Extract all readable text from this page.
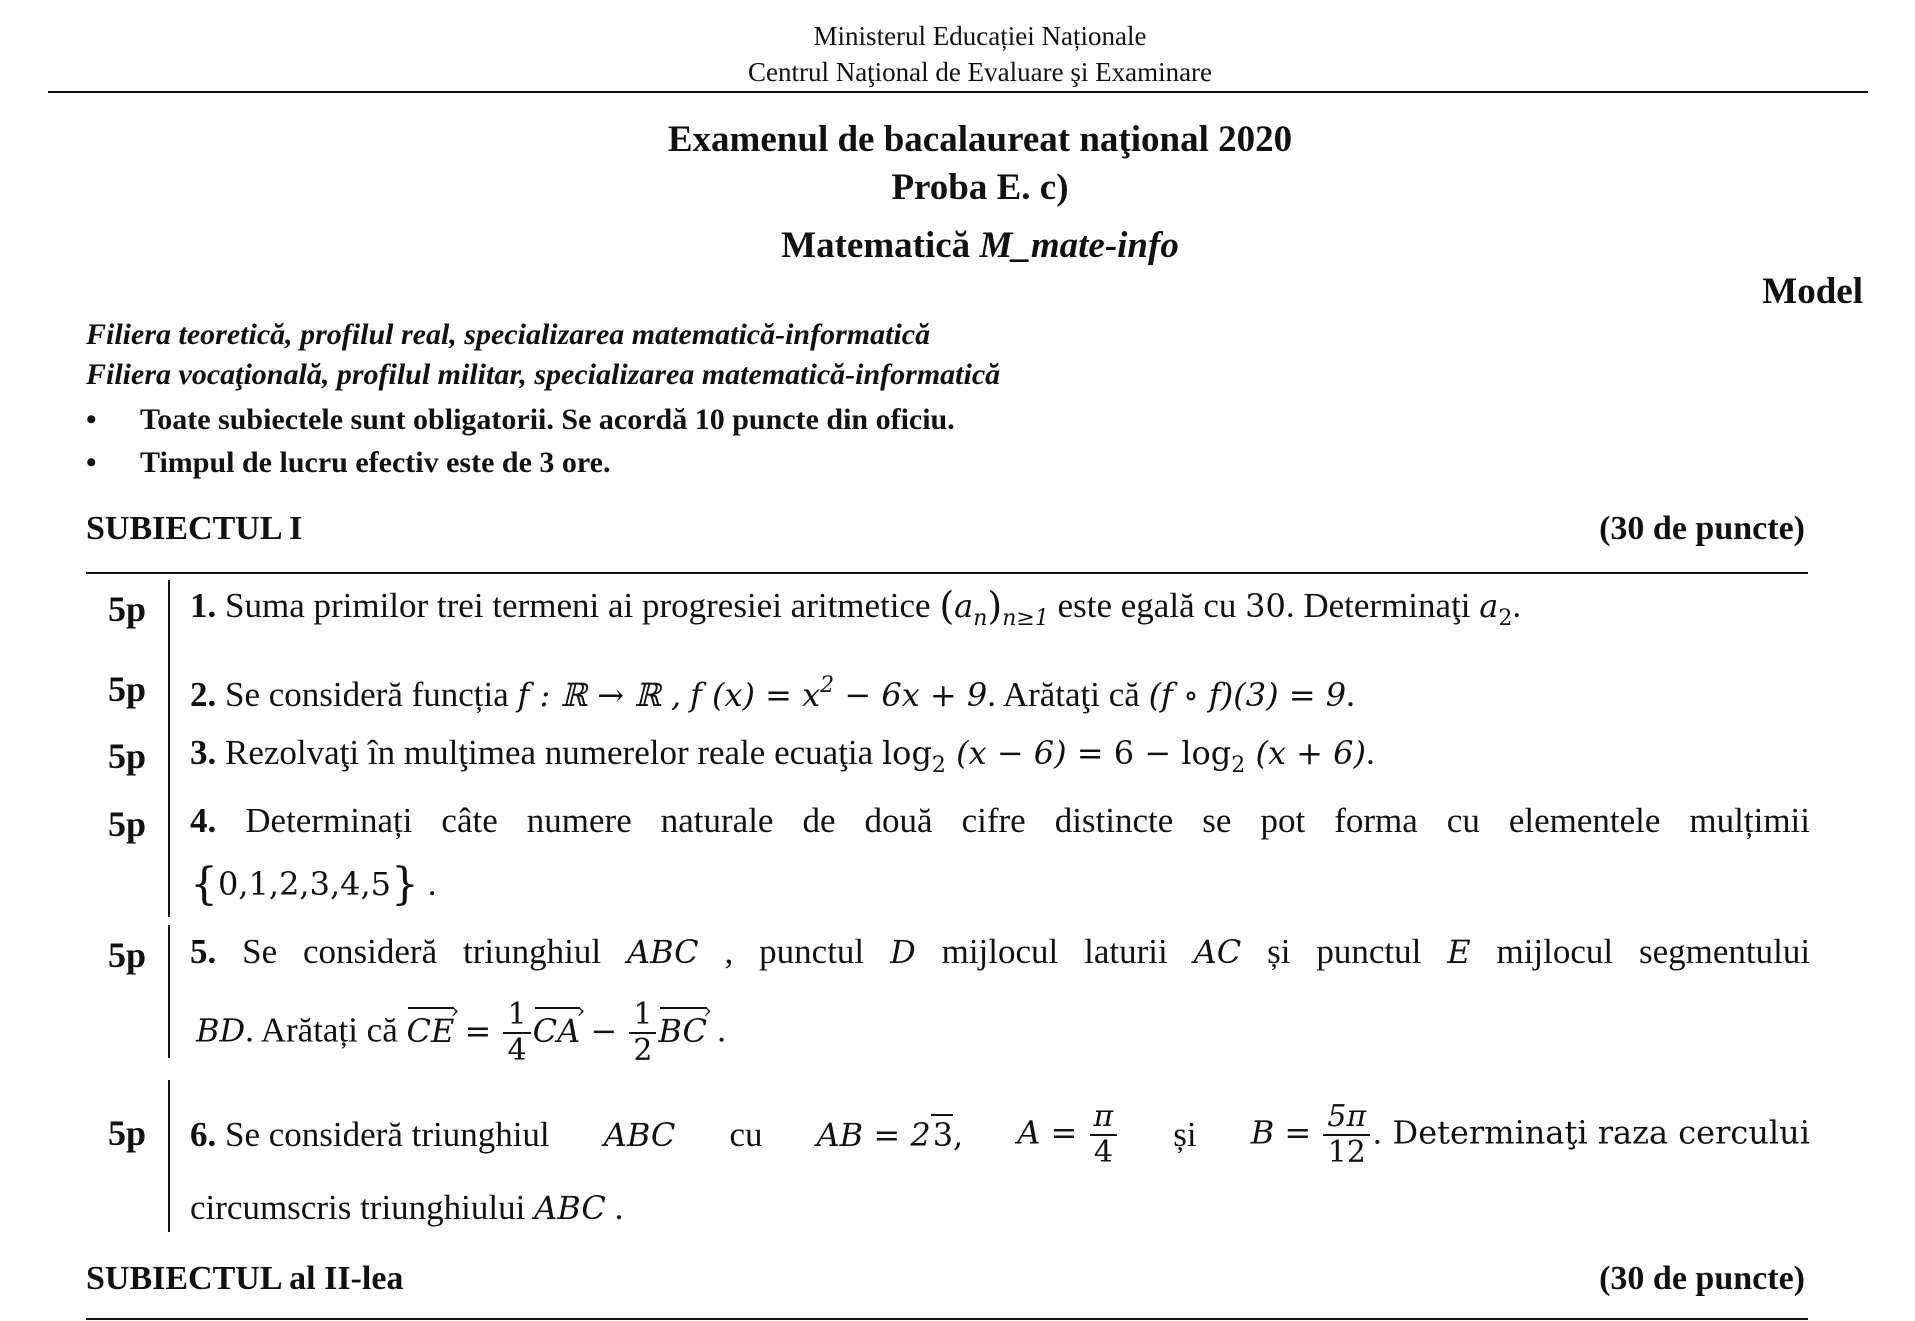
Ministerul Educației Naționale
Centrul Naţional de Evaluare şi Examinare
Examenul de bacalaureat naţional 2020
Proba E. c)
Matematică M_mate-info
Model
Filiera teoretică, profilul real, specializarea matematică-informatică
Filiera vocaţională, profilul militar, specializarea matematică-informatică
• Toate subiectele sunt obligatorii. Se acordă 10 puncte din oficiu.
• Timpul de lucru efectiv este de 3 ore.
SUBIECTUL I	(30 de puncte)
5p 1. Suma primilor trei termeni ai progresiei aritmetice $(a_n)_{n\ge 1}$ este egală cu 30. Determinaţi $a_2$.
5p 2. Se consideră funcția f : ℝ → ℝ , f $(x) = x^2 - 6x + 9$. Arătaţi că (f ∘ f)(3) = 9.
5p 3. Rezolvaţi în mulţimea numerelor reale ecuaţia $\log_2 (x - 6) = 6 - \log_2 (x + 6)$.
5p 4. Determinați câte numere naturale de două cifre distincte se pot forma cu elementele mulțimii
{0,1,2,3,4,5} .
5p 5. Se consideră triunghiul ABC , punctul D mijlocul laturii AC și punctul E mijlocul segmentului
BD. Arătați că CE › = $\frac{1}{4}$ CA › − $\frac{1}{2}$ BC › .
5p 6. Se consideră triunghiul ABC cu AB = 23, $A = \frac{\pi}{4}$ și $B = \frac{5\pi}{12}$ . Determinaţi raza cercului
circumscris triunghiului ABC .
SUBIECTUL al II-lea	(30 de puncte)
